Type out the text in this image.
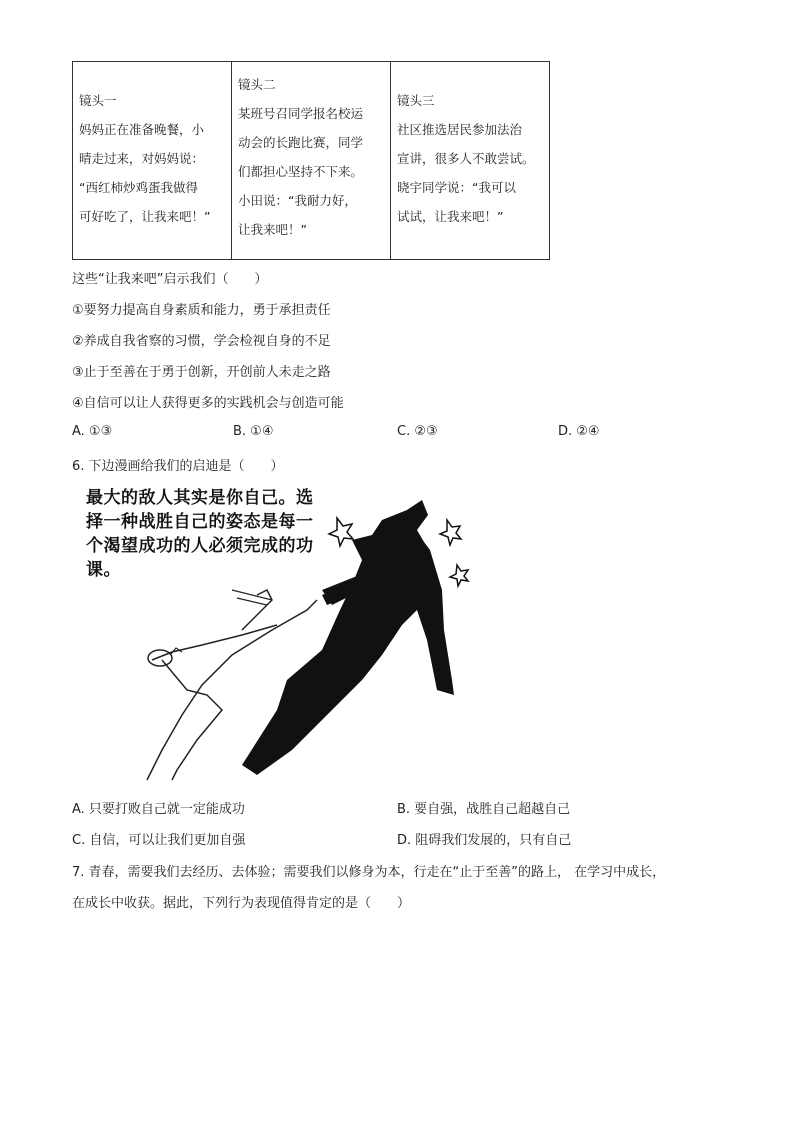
镜头一
妈妈正在准备晚餐，小
晴走过来，对妈妈说：
“西红柿炒鸡蛋我做得
可好吃了，让我来吧！”

镜头二
某班号召同学报名校运
动会的长跑比赛，同学
们都担心坚持不下来。
小田说：“我耐力好，
让我来吧！”

镜头三
社区推选居民参加法治
宣讲，很多人不敢尝试。
晓宇同学说：“我可以
试试，让我来吧！”
这些“让我来吧”启示我们（　　）
①要努力提高自身素质和能力，勇于承担责任
②养成自我省察的习惯，学会检视自身的不足
③止于至善在于勇于创新，开创前人未走之路
④自信可以让人获得更多的实践机会与创造可能
A. ①③	B. ①④	C. ②③	D. ②④
6. 下边漫画给我们的启迪是（　　）
最大的敌人其实是你自己。选
择一种战胜自己的姿态是每一
个渴望成功的人必须完成的功
课。
A. 只要打败自己就一定能成功	B. 要自强，战胜自己超越自己
C. 自信，可以让我们更加自强	D. 阻碍我们发展的，只有自己
7. 青春，需要我们去经历、去体验；需要我们以修身为本，行走在“止于至善”的路上， 在学习中成长，
在成长中收获。据此，下列行为表现值得肯定的是（　　）
